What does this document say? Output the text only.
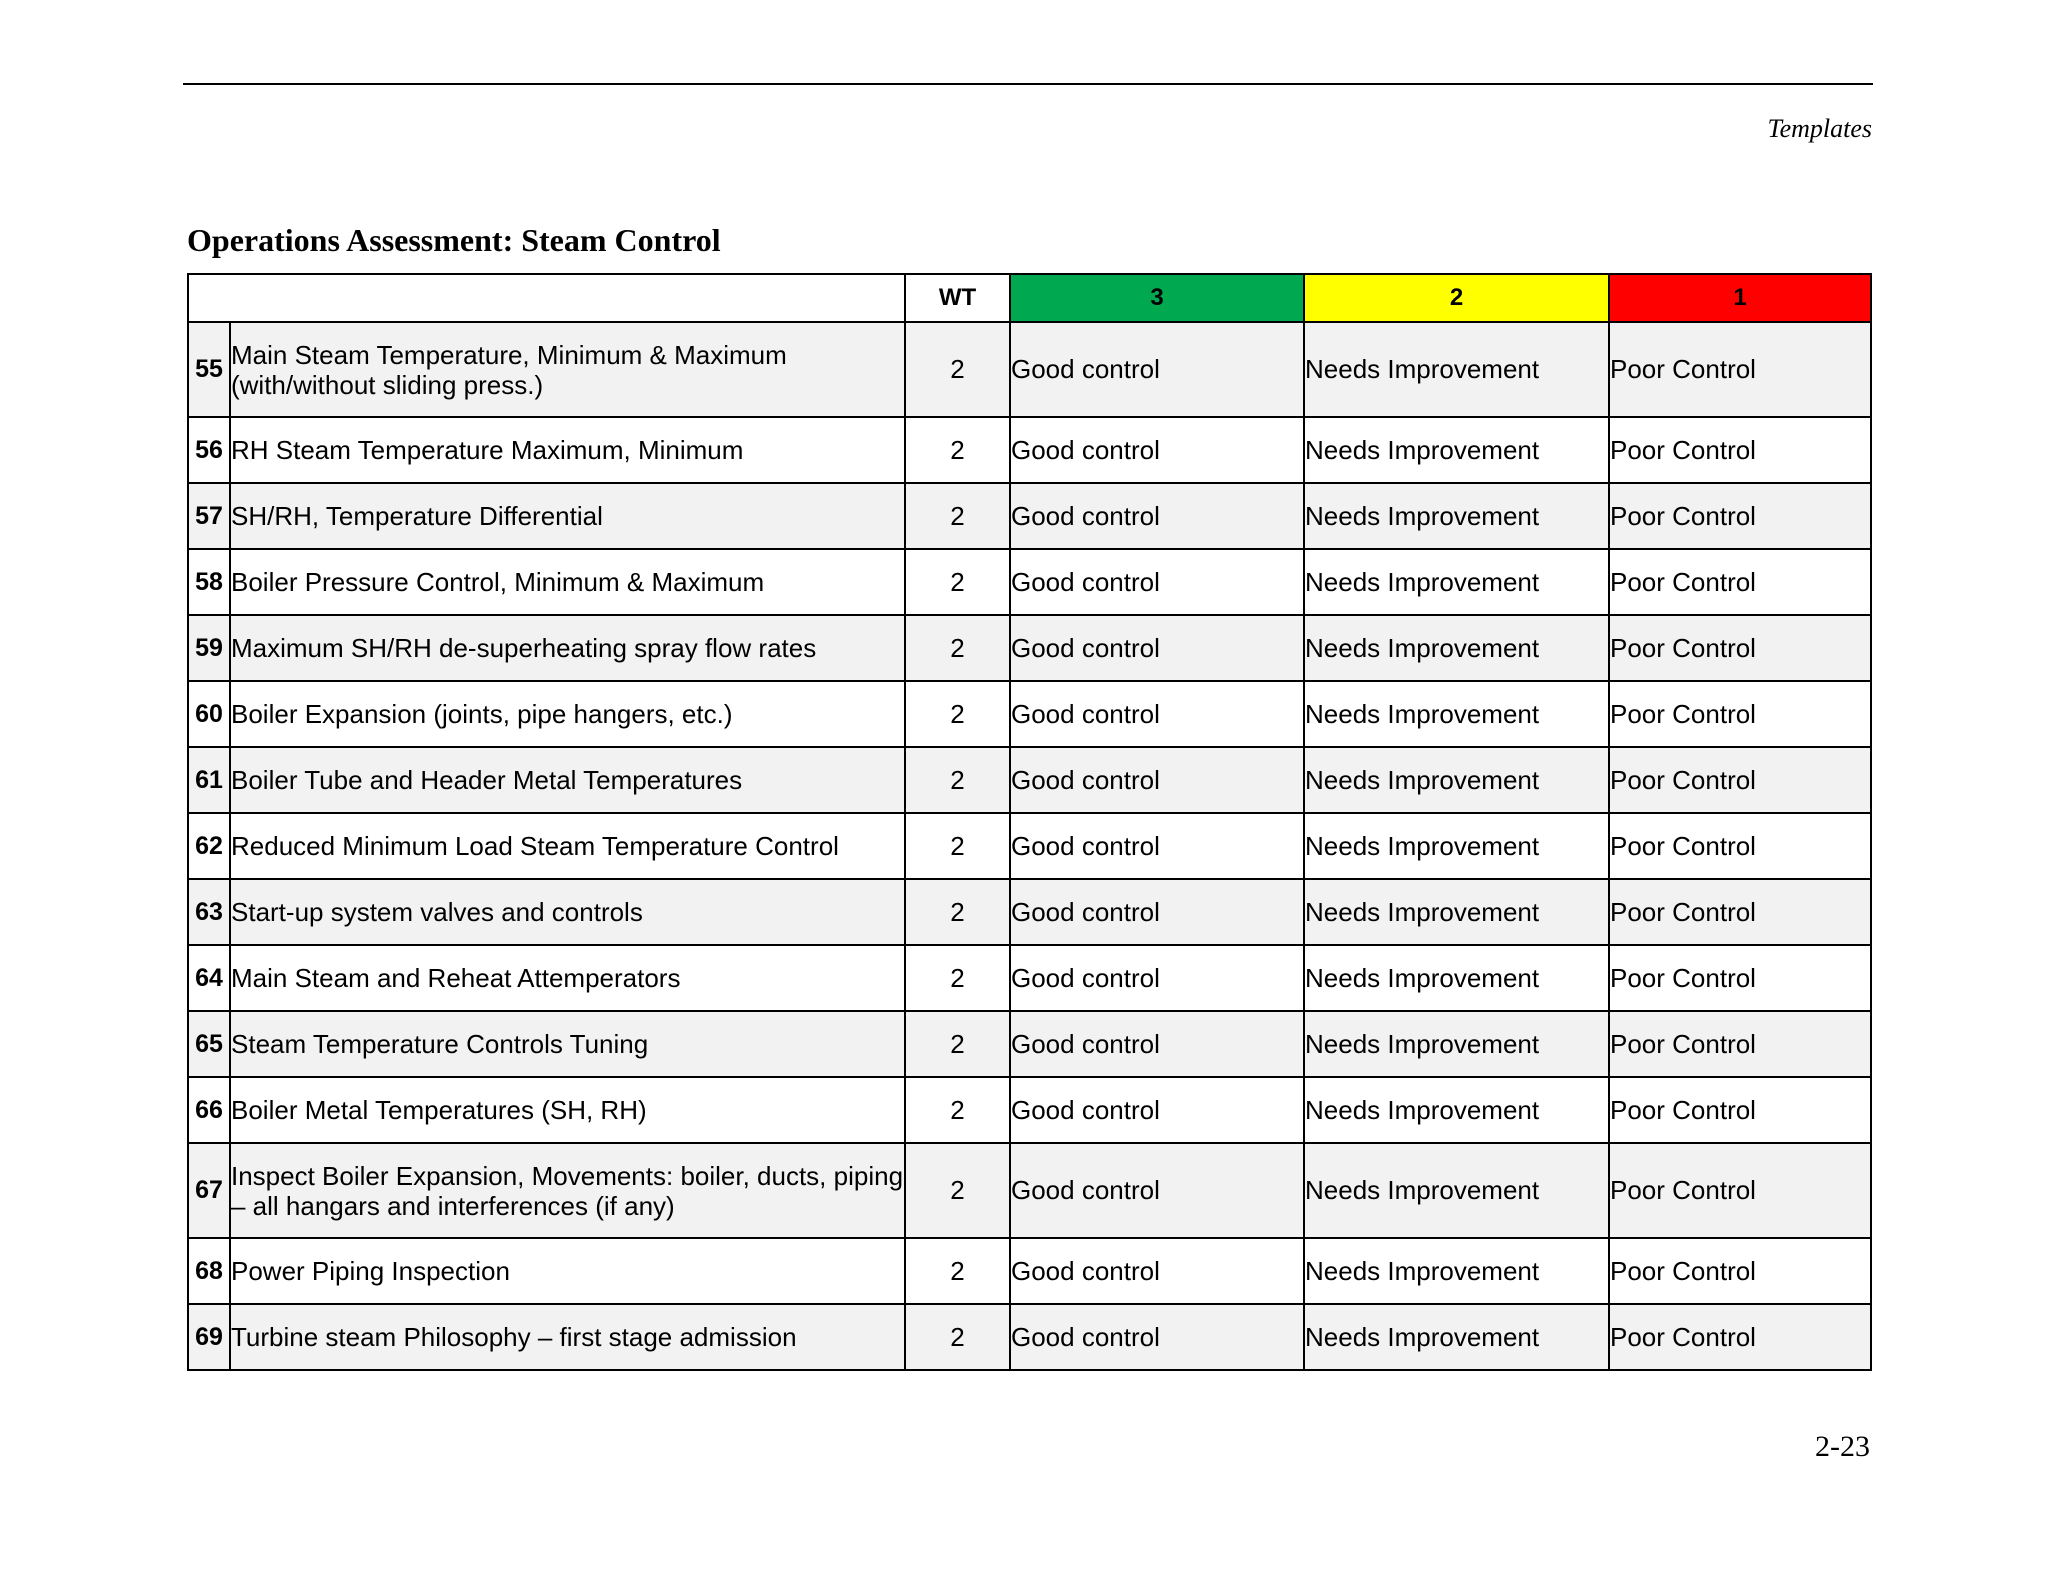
Templates
Operations Assessment: Steam Control
		WT	3	2	1
55	Main Steam Temperature, Minimum & Maximum (with/without sliding press.)	2	Good control	Needs Improvement	Poor Control
56	RH Steam Temperature Maximum, Minimum	2	Good control	Needs Improvement	Poor Control
57	SH/RH, Temperature Differential	2	Good control	Needs Improvement	Poor Control
58	Boiler Pressure Control, Minimum & Maximum	2	Good control	Needs Improvement	Poor Control
59	Maximum SH/RH de-superheating spray flow rates	2	Good control	Needs Improvement	Poor Control
60	Boiler Expansion (joints, pipe hangers, etc.)	2	Good control	Needs Improvement	Poor Control
61	Boiler Tube and Header Metal Temperatures	2	Good control	Needs Improvement	Poor Control
62	Reduced Minimum Load Steam Temperature Control	2	Good control	Needs Improvement	Poor Control
63	Start-up system valves and controls	2	Good control	Needs Improvement	Poor Control
64	Main Steam and Reheat Attemperators	2	Good control	Needs Improvement	Poor Control
65	Steam Temperature Controls Tuning	2	Good control	Needs Improvement	Poor Control
66	Boiler Metal Temperatures (SH, RH)	2	Good control	Needs Improvement	Poor Control
67	Inspect Boiler Expansion, Movements: boiler, ducts, piping – all hangars and interferences (if any)	2	Good control	Needs Improvement	Poor Control
68	Power Piping Inspection	2	Good control	Needs Improvement	Poor Control
69	Turbine steam Philosophy – first stage admission	2	Good control	Needs Improvement	Poor Control
2-23
